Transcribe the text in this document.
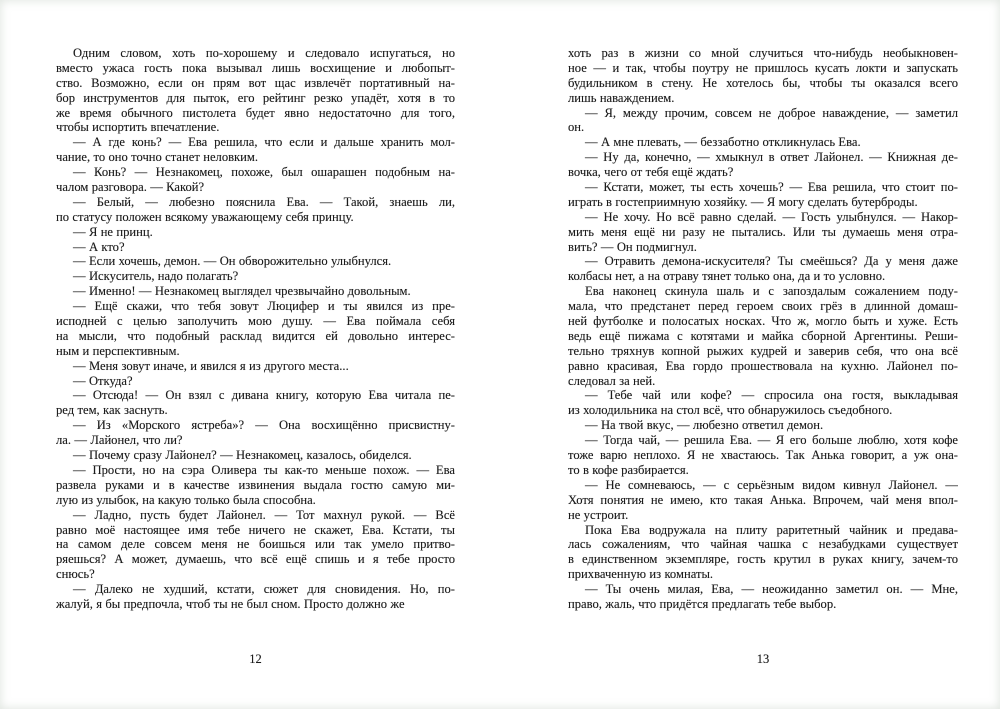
Одним словом, хоть по-хорошему и следовало испугаться, но
вместо ужаса гость пока вызывал лишь восхищение и любопыт-
ство. Возможно, если он прям вот щас извлечёт портативный на-
бор инструментов для пыток, его рейтинг резко упадёт, хотя в то
же время обычного пистолета будет явно недостаточно для того,
чтобы испортить впечатление.
— А где конь? — Ева решила, что если и дальше хранить мол-
чание, то оно точно станет неловким.
— Конь? — Незнакомец, похоже, был ошарашен подобным на-
чалом разговора. — Какой?
— Белый, — любезно пояснила Ева. — Такой, знаешь ли,
по статусу положен всякому уважающему себя принцу.
— Я не принц.
— А кто?
— Если хочешь, демон. — Он обворожительно улыбнулся.
— Искуситель, надо полагать?
— Именно! — Незнакомец выглядел чрезвычайно довольным.
— Ещё скажи, что тебя зовут Люцифер и ты явился из пре-
исподней с целью заполучить мою душу. — Ева поймала себя
на мысли, что подобный расклад видится ей довольно интерес-
ным и перспективным.
— Меня зовут иначе, и явился я из другого места...
— Откуда?
— Отсюда! — Он взял с дивана книгу, которую Ева читала пе-
ред тем, как заснуть.
— Из «Морского ястреба»? — Она восхищённо присвистну-
ла. — Лайонел, что ли?
— Почему сразу Лайонел? — Незнакомец, казалось, обиделся.
— Прости, но на сэра Оливера ты как-то меньше похож. — Ева
развела руками и в качестве извинения выдала гостю самую ми-
лую из улыбок, на какую только была способна.
— Ладно, пусть будет Лайонел. — Тот махнул рукой. — Всё
равно моё настоящее имя тебе ничего не скажет, Ева. Кстати, ты
на самом деле совсем меня не боишься или так умело притво-
ряешься? А может, думаешь, что всё ещё спишь и я тебе просто
снюсь?
— Далеко не худший, кстати, сюжет для сновидения. Но, по-
жалуй, я бы предпочла, чтоб ты не был сном. Просто должно же
хоть раз в жизни со мной случиться что-нибудь необыкновен-
ное — и так, чтобы поутру не пришлось кусать локти и запускать
будильником в стену. Не хотелось бы, чтобы ты оказался всего
лишь наваждением.
— Я, между прочим, совсем не доброе наваждение, — заметил
он.
— А мне плевать, — беззаботно откликнулась Ева.
— Ну да, конечно, — хмыкнул в ответ Лайонел. — Книжная де-
вочка, чего от тебя ещё ждать?
— Кстати, может, ты есть хочешь? — Ева решила, что стоит по-
играть в гостеприимную хозяйку. — Я могу сделать бутерброды.
— Не хочу. Но всё равно сделай. — Гость улыбнулся. — Накор-
мить меня ещё ни разу не пытались. Или ты думаешь меня отра-
вить? — Он подмигнул.
— Отравить демона-искусителя? Ты смеёшься? Да у меня даже
колбасы нет, а на отраву тянет только она, да и то условно.
Ева наконец скинула шаль и с запоздалым сожалением поду-
мала, что предстанет перед героем своих грёз в длинной домаш-
ней футболке и полосатых носках. Что ж, могло быть и хуже. Есть
ведь ещё пижама с котятами и майка сборной Аргентины. Реши-
тельно тряхнув копной рыжих кудрей и заверив себя, что она всё
равно красивая, Ева гордо прошествовала на кухню. Лайонел по-
следовал за ней.
— Тебе чай или кофе? — спросила она гостя, выкладывая
из холодильника на стол всё, что обнаружилось съедобного.
— На твой вкус, — любезно ответил демон.
— Тогда чай, — решила Ева. — Я его больше люблю, хотя кофе
тоже варю неплохо. Я не хвастаюсь. Так Анька говорит, а уж она-
то в кофе разбирается.
— Не сомневаюсь, — с серьёзным видом кивнул Лайонел. —
Хотя понятия не имею, кто такая Анька. Впрочем, чай меня впол-
не устроит.
Пока Ева водружала на плиту раритетный чайник и предава-
лась сожалениям, что чайная чашка с незабудками существует
в единственном экземпляре, гость крутил в руках книгу, зачем-то
прихваченную из комнаты.
— Ты очень милая, Ева, — неожиданно заметил он. — Мне,
право, жаль, что придётся предлагать тебе выбор.
12	13
